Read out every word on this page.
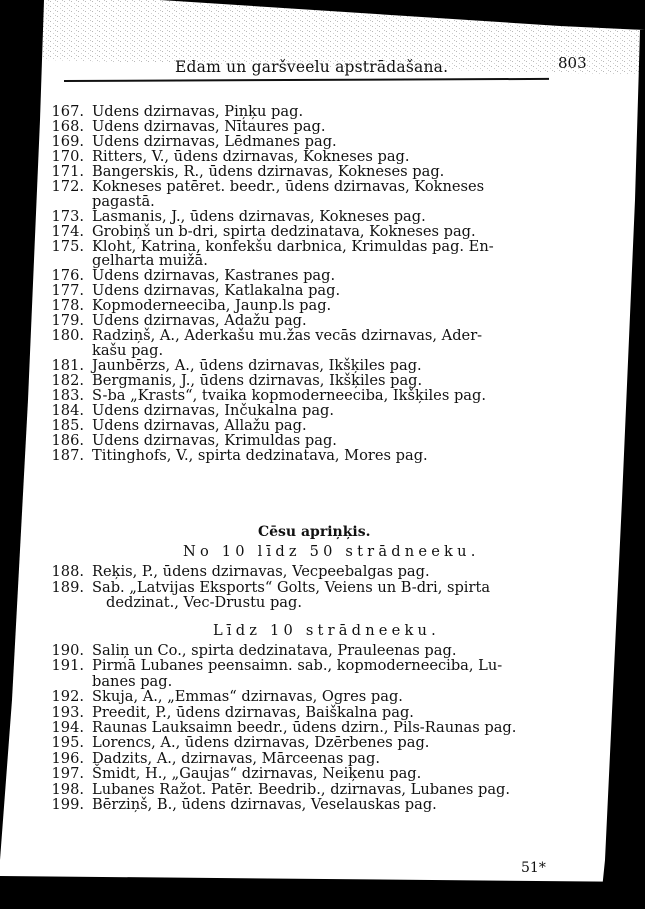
Edam un garšveelu apstrādašana.	803
167. Udens dzirnavas, Piņķu pag.
168. Udens dzirnavas, Nītaures pag.
169. Udens dzirnavas, Lēdmanes pag.
170. Ritters, V., ūdens dzirnavas, Kokneses pag.
171. Bangerskis, R., ūdens dzirnavas, Kokneses pag.
172. Kokneses patēret. beedr., ūdens dzirnavas, Kokneses
pagastā.
173. Lasmanis, J., ūdens dzirnavas, Kokneses pag.
174. Grobiņš un b-dri, spirta dedzinatava, Kokneses pag.
175. Kloht, Katrina, konfekšu darbnica, Krimuldas pag. En-
gelharta muižā.
176. Udens dzirnavas, Kastranes pag.
177. Udens dzirnavas, Katlakalna pag.
178. Kopmoderneeciba, Jaunp.ls pag.
179. Udens dzirnavas, Adažu pag.
180. Radziņš, A., Aderkašu mu.žas vecās dzirnavas, Ader-
kašu pag.
181. Jaunbērzs, A., ūdens dzirnavas, Ikšķiles pag.
182. Bergmanis, J., ūdens dzirnavas, Ikšķiles pag.
183. S-ba „Krasts“, tvaika kopmoderneeciba, Ikšķiles pag.
184. Udens dzirnavas, Inčukalna pag.
185. Udens dzirnavas, Allažu pag.
186. Udens dzirnavas, Krimuldas pag.
187. Titinghofs, V., spirta dedzinatava, Mores pag.
Cēsu apriņķis.
No 10 līdz 50 strādneeku.
188. Reķis, P., ūdens dzirnavas, Vecpeebalgas pag.
189. Sab. „Latvijas Eksports“ Golts, Veiens un B-dri, spirta
dedzinat., Vec-Drustu pag.
Līdz 10 strādneeku.
190. Saliņ un Co., spirta dedzinatava, Prauleenas pag.
191. Pirmā Lubanes peensaimn. sab., kopmoderneeciba, Lu-
banes pag.
192. Skuja, A., „Emmas“ dzirnavas, Ogres pag.
193. Preedit, P., ūdens dzirnavas, Baiškalna pag.
194. Raunas Lauksaimn beedr., ūdens dzirn., Pils-Raunas pag.
195. Lorencs, A., ūdens dzirnavas, Dzērbenes pag.
196. Dadzits, A., dzirnavas, Mārceenas pag.
197. Šmidt, H., „Gaujas“ dzirnavas, Neiķenu pag.
198. Lubanes Ražot. Patēr. Beedrib., dzirnavas, Lubanes pag.
199. Bērziņš, B., ūdens dzirnavas, Veselauskas pag.
51*
